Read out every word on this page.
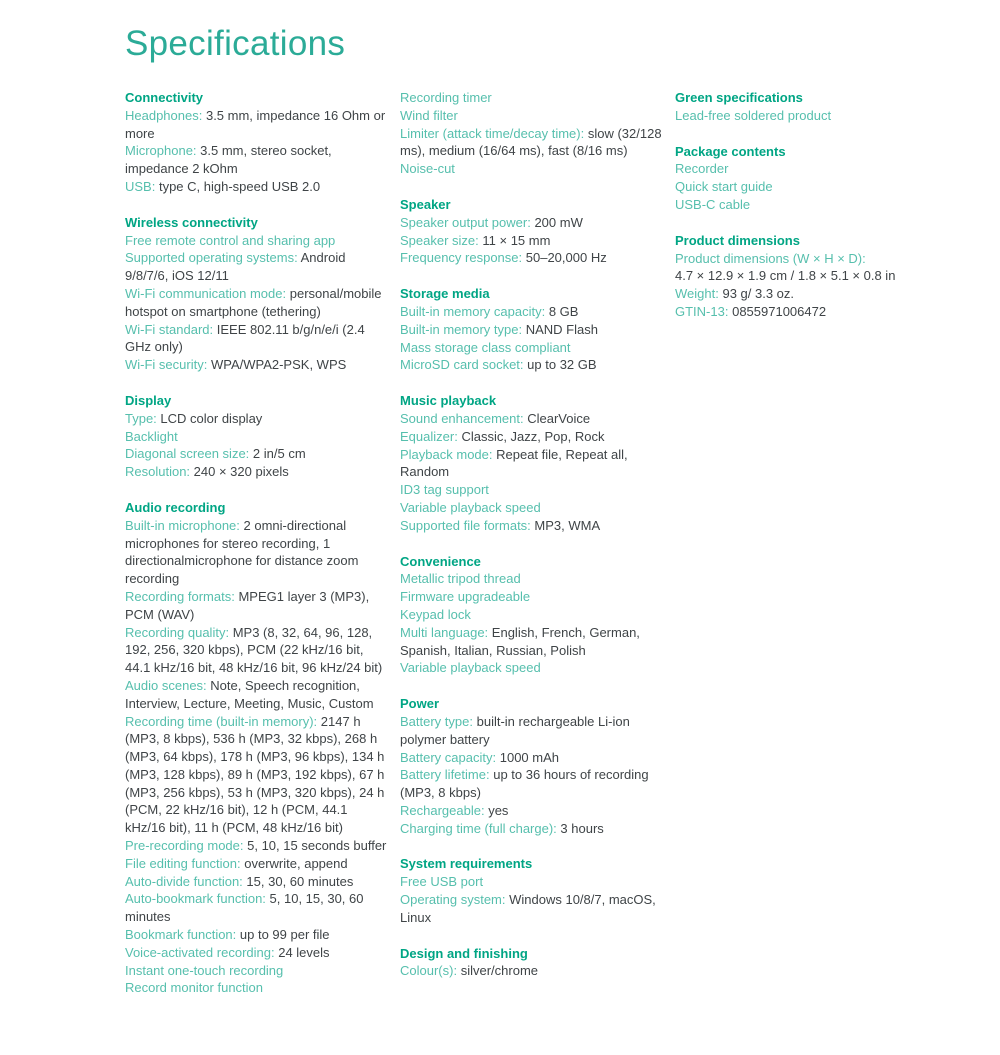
Specifications
Connectivity

Headphones: 3.5 mm, impedance 16 Ohm or more

Microphone: 3.5 mm, stereo socket, impedance 2 kOhm

USB: type C, high-speed USB 2.0

Wireless connectivity

Free remote control and sharing app

Supported operating systems: Android 9/8/7/6, iOS 12/11

Wi-Fi communication mode: personal/mobile hotspot on smartphone (tethering)

Wi-Fi standard: IEEE 802.11 b/g/n/e/i (2.4 GHz only)

Wi-Fi security: WPA/WPA2-PSK, WPS

Display

Type: LCD color display

Backlight

Diagonal screen size: 2 in/5 cm

Resolution: 240 × 320 pixels

Audio recording

Built-in microphone: 2 omni-directional microphones for stereo recording, 1 directionalmicrophone for distance zoom recording

Recording formats: MPEG1 layer 3 (MP3), PCM (WAV)

Recording quality: MP3 (8, 32, 64, 96, 128, 192, 256, 320 kbps), PCM (22 kHz/16 bit, 44.1 kHz/16 bit, 48 kHz/16 bit, 96 kHz/24 bit)

Audio scenes: Note, Speech recognition, Interview, Lecture, Meeting, Music, Custom

Recording time (built-in memory): 2147 h (MP3, 8 kbps), 536 h (MP3, 32 kbps), 268 h (MP3, 64 kbps), 178 h (MP3, 96 kbps), 134 h (MP3, 128 kbps), 89 h (MP3, 192 kbps), 67 h (MP3, 256 kbps), 53 h (MP3, 320 kbps), 24 h (PCM, 22 kHz/16 bit), 12 h (PCM, 44.1 kHz/16 bit), 11 h (PCM, 48 kHz/16 bit)

Pre-recording mode: 5, 10, 15 seconds buffer

File editing function: overwrite, append

Auto-divide function: 15, 30, 60 minutes

Auto-bookmark function: 5, 10, 15, 30, 60 minutes

Bookmark function: up to 99 per file

Voice-activated recording: 24 levels

Instant one-touch recording

Record monitor function

Recording timer

Wind filter

Limiter (attack time/decay time): slow (32/128 ms), medium (16/64 ms), fast (8/16 ms)

Noise-cut

Speaker

Speaker output power: 200 mW

Speaker size: 11 × 15 mm

Frequency response: 50–20,000 Hz

Storage media

Built-in memory capacity: 8 GB

Built-in memory type: NAND Flash

Mass storage class compliant

MicroSD card socket: up to 32 GB

Music playback

Sound enhancement: ClearVoice

Equalizer: Classic, Jazz, Pop, Rock

Playback mode: Repeat file, Repeat all, Random

ID3 tag support

Variable playback speed

Supported file formats: MP3, WMA

Convenience

Metallic tripod thread

Firmware upgradeable

Keypad lock

Multi language: English, French, German, Spanish, Italian, Russian, Polish

Variable playback speed

Power

Battery type: built-in rechargeable Li-ion polymer battery

Battery capacity: 1000 mAh

Battery lifetime: up to 36 hours of recording (MP3, 8 kbps)

Rechargeable: yes

Charging time (full charge): 3 hours

System requirements

Free USB port

Operating system: Windows 10/8/7, macOS, Linux

Design and finishing

Colour(s): silver/chrome

Green specifications

Lead-free soldered product

Package contents

Recorder

Quick start guide

USB-C cable

Product dimensions

Product dimensions (W × H × D):
4.7 × 12.9 × 1.9 cm / 1.8 × 5.1 × 0.8 in

Weight: 93 g/ 3.3 oz.

GTIN-13: 0855971006472
